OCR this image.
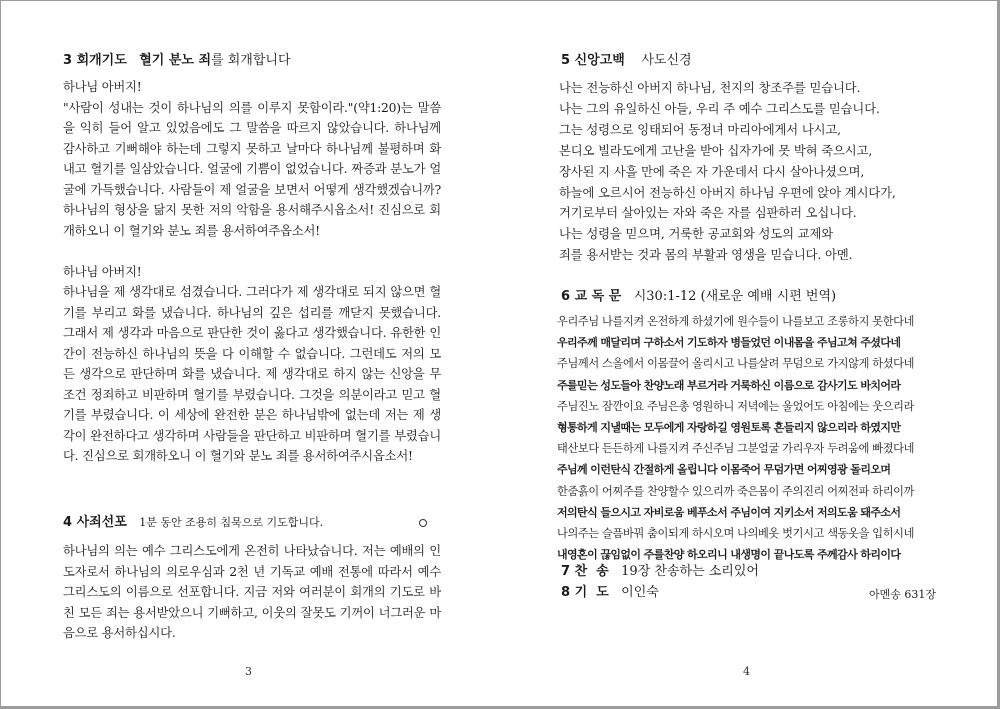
3 회개기도 혈기 분노 죄를 회개합니다

하나님 아버지!

"사람이 성내는 것이 하나님의 의를 이루지 못함이라."(약1:20)는 말씀을 익히 들어 알고 있었음에도 그 말씀을 따르지 않았습니다. 하나님께 감사하고 기뻐해야 하는데 그렇지 못하고 날마다 하나님께 불평하며 화내고 혈기를 일삼았습니다. 얼굴에 기쁨이 없었습니다. 짜증과 분노가 얼굴에 가득했습니다. 사람들이 제 얼굴을 보면서 어떻게 생각했겠습니까? 하나님의 형상을 닮지 못한 저의 악함을 용서해주시옵소서! 진심으로 회개하오니 이 혈기와 분노 죄를 용서하여주옵소서!

하나님 아버지!

하나님을 제 생각대로 섬겼습니다. 그러다가 제 생각대로 되지 않으면 혈기를 부리고 화를 냈습니다. 하나님의 깊은 섭리를 깨닫지 못했습니다. 그래서 제 생각과 마음으로 판단한 것이 옳다고 생각했습니다. 유한한 인간이 전능하신 하나님의 뜻을 다 이해할 수 없습니다. 그런데도 저의 모든 생각으로 판단하며 화를 냈습니다. 제 생각대로 하지 않는 신앙을 무조건 정죄하고 비판하며 혈기를 부렸습니다. 그것을 의분이라고 믿고 혈기를 부렸습니다. 이 세상에 완전한 분은 하나님밖에 없는데 저는 제 생각이 완전하다고 생각하며 사람들을 판단하고 비판하며 혈기를 부렸습니다. 진심으로 회개하오니 이 혈기와 분노 죄를 용서하여주시옵소서!

4 사죄선포 1분 동안 조용히 침묵으로 기도합니다.

하나님의 의는 예수 그리스도에게 온전히 나타났습니다. 저는 예배의 인도자로서 하나님의 의로우심과 2천 년 기독교 예배 전통에 따라서 예수 그리스도의 이름으로 선포합니다. 지금 저와 여러분이 회개의 기도로 바친 모든 죄는 용서받았으니 기뻐하고, 이웃의 잘못도 기꺼이 너그러운 마음으로 용서하십시다.

3
5 신앙고백 사도신경
나는 전능하신 아버지 하나님, 천지의 창조주를 믿습니다.
나는 그의 유일하신 아들, 우리 주 예수 그리스도를 믿습니다.
그는 성령으로 잉태되어 동정녀 마리아에게서 나시고,
본디오 빌라도에게 고난을 받아 십자가에 못 박혀 죽으시고,
장사된 지 사흘 만에 죽은 자 가운데서 다시 살아나셨으며,
하늘에 오르시어 전능하신 아버지 하나님 우편에 앉아 계시다가,
거기로부터 살아있는 자와 죽은 자를 심판하러 오십니다.
나는 성령을 믿으며, 거룩한 공교회와 성도의 교제와
죄를 용서받는 것과 몸의 부활과 영생을 믿습니다. 아멘.
6 교 독 문 시30:1-12 (새로운 예배 시편 번역)
우리주님 나를지켜 온전하게 하셨기에 원수들이 나를보고 조롱하지 못한다네
우리주께 매달리며 구하소서 기도하자 병들었던 이내몸을 주님고쳐 주셨다네
주님께서 스올에서 이몸끌어 올리시고 나를살려 무덤으로 가지않게 하셨다네
주를믿는 성도들아 찬양노래 부르거라 거룩하신 이름으로 감사기도 바치어라
주님진노 잠깐이요 주님은총 영원하니 저녁에는 울었어도 아침에는 웃으리라
형통하게 지낼때는 모두에게 자랑하길 영원토록 흔들리지 않으리라 하였지만
태산보다 든든하게 나를지켜 주신주님 그분얼굴 가리우자 두려움에 빠졌다네
주님께 이런탄식 간절하게 올립니다 이몸죽어 무덤가면 어찌영광 돌리오며
한줌흙이 어찌주를 찬양할수 있으리까 죽은몸이 주의진리 어찌전파 하리이까
저의탄식 들으시고 자비로움 베푸소서 주님이여 지키소서 저의도움 돼주소서
나의주는 슬픔바꿔 춤이되게 하시오며 나의베옷 벗기시고 색동옷을 입히시네
내영혼이 끊임없이 주를찬양 하오리니 내생명이 끝나도록 주께감사 하리이다
7 찬  송 19장 찬송하는 소리있어
8 기  도 이인숙	아멘송 631장
4
